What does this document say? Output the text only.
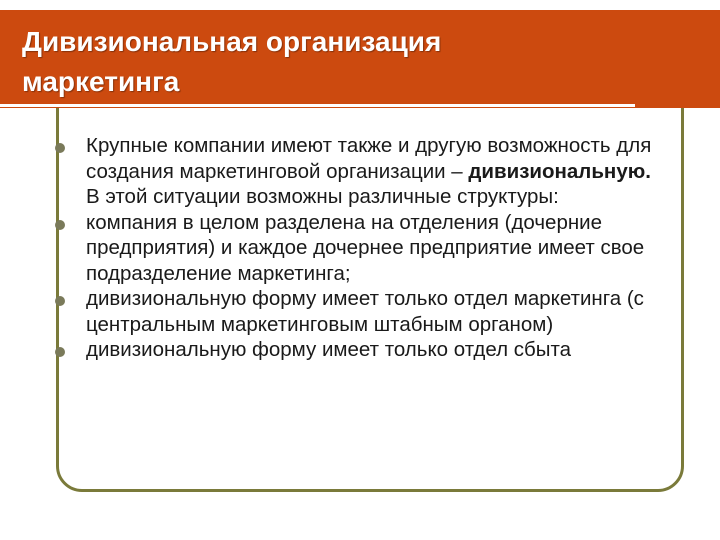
Дивизиональная организация
маркетинга
Крупные компании имеют также и другую возможность для создания маркетинговой организации – дивизиональную. В этой ситуации возможны различные структуры:
компания в целом разделена на отделения (дочерние предприятия) и каждое дочернее предприятие имеет свое подразделение маркетинга;
дивизиональную форму имеет только отдел маркетинга (с центральным маркетинговым штабным органом)
дивизиональную форму имеет только отдел сбыта
